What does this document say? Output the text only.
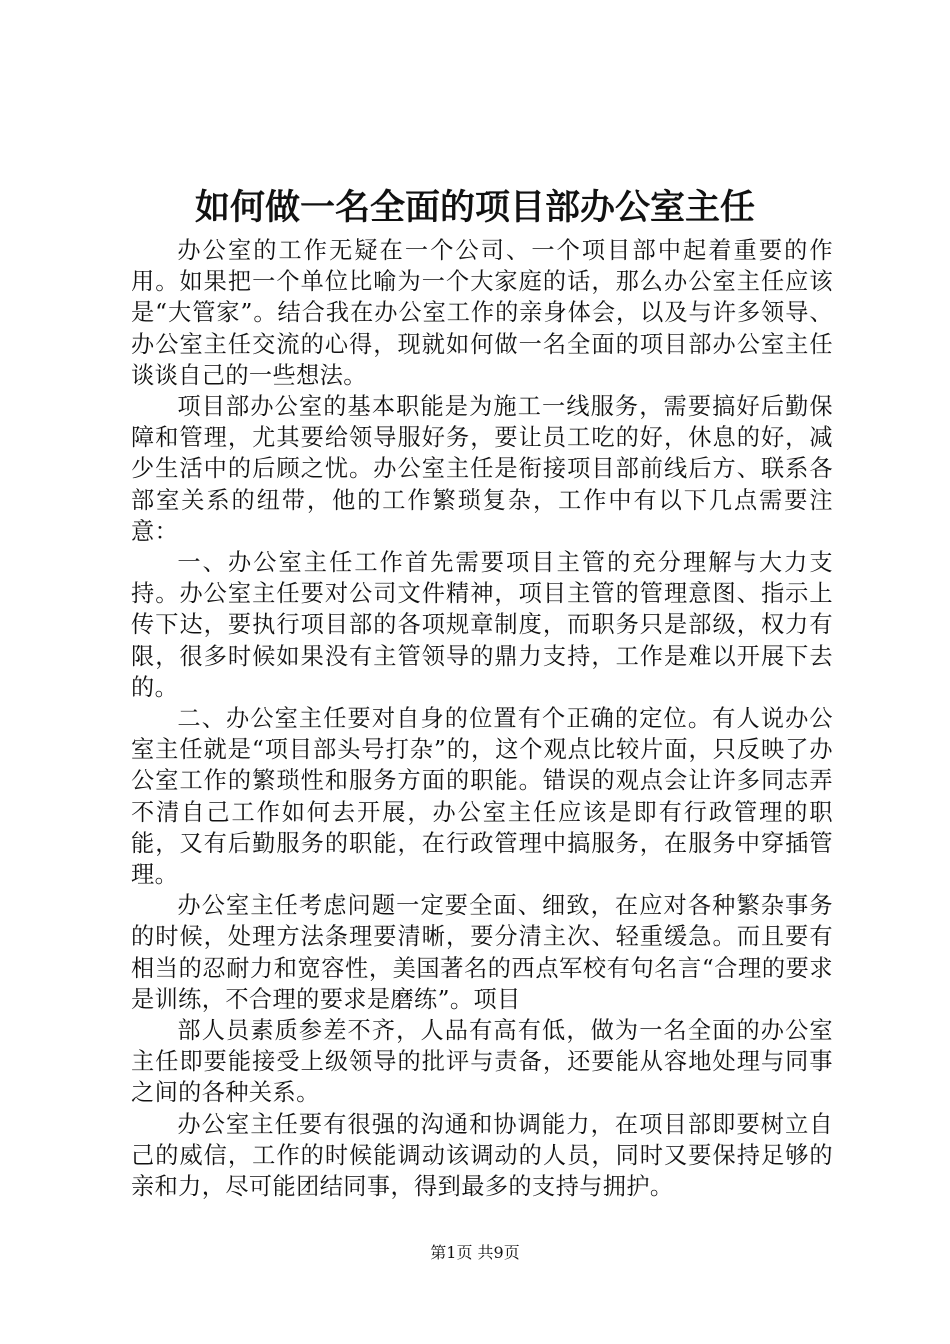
如何做一名全面的项目部办公室主任

办公室的工作无疑在一个公司、一个项目部中起着重要的作用。如果把一个单位比喻为一个大家庭的话，那么办公室主任应该是“大管家”。结合我在办公室工作的亲身体会，以及与许多领导、办公室主任交流的心得，现就如何做一名全面的项目部办公室主任谈谈自己的一些想法。

项目部办公室的基本职能是为施工一线服务，需要搞好后勤保障和管理，尤其要给领导服好务，要让员工吃的好，休息的好，减少生活中的后顾之忧。办公室主任是衔接项目部前线后方、联系各部室关系的纽带，他的工作繁琐复杂，工作中有以下几点需要注意：

一、办公室主任工作首先需要项目主管的充分理解与大力支持。办公室主任要对公司文件精神，项目主管的管理意图、指示上传下达，要执行项目部的各项规章制度，而职务只是部级，权力有限，很多时候如果没有主管领导的鼎力支持，工作是难以开展下去的。

二、办公室主任要对自身的位置有个正确的定位。有人说办公室主任就是“项目部头号打杂”的，这个观点比较片面，只反映了办公室工作的繁琐性和服务方面的职能。错误的观点会让许多同志弄不清自己工作如何去开展，办公室主任应该是即有行政管理的职能，又有后勤服务的职能，在行政管理中搞服务，在服务中穿插管理。

办公室主任考虑问题一定要全面、细致，在应对各种繁杂事务的时候，处理方法条理要清晰，要分清主次、轻重缓急。而且要有相当的忍耐力和宽容性，美国著名的西点军校有句名言“合理的要求是训练，不合理的要求是磨练”。项目

部人员素质参差不齐，人品有高有低，做为一名全面的办公室主任即要能接受上级领导的批评与责备，还要能从容地处理与同事之间的各种关系。

办公室主任要有很强的沟通和协调能力，在项目部即要树立自己的威信，工作的时候能调动该调动的人员，同时又要保持足够的亲和力，尽可能团结同事，得到最多的支持与拥护。

第1页 共9页
